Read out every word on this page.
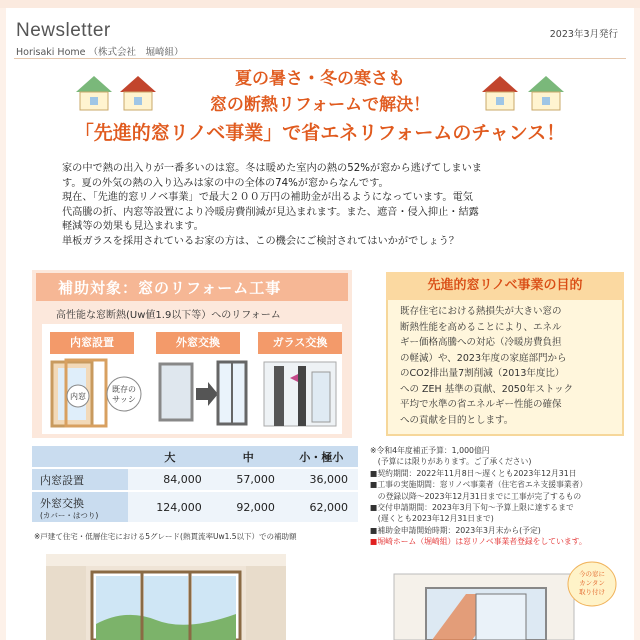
Newsletter
Horisaki Home （株式会社　堀崎組）
2023年3月発行
夏の暑さ・冬の寒さも
窓の断熱リフォームで解決！
「先進的窓リノベ事業」で省エネリフォームのチャンス！

家の中で熱の出入りが一番多いのは窓。冬は暖めた室内の熱の52%が窓から逃げてしまいま

す。夏の外気の熱の入り込みは家の中の全体の74%が窓からなんです。

現在、「先進的窓リノベ事業」で最大２００万円の補助金が出るようになっています。電気

代高騰の折、内窓等設置により冷暖房費削減が見込まれます。また、遮音・侵入抑止・結露

軽減等の効果も見込まれます。

単板ガラスを採用されているお家の方は、この機会にご検討されてはいかがでしょう？

補助対象：窓のリフォーム工事
高性能な窓断熱(Uw値1.9以下等）へのリフォーム
内窓設置	外窓交換	ガラス交換
内窓
既存の
サッシ
	大	中	小・極小
内窓設置	84,000	57,000	36,000
外窓交換
(カバー・はつり)	124,000	92,000	62,000
※戸建て住宅・低層住宅における5グレード(熱貫流率Uw1.5以下）での補助額
先進的窓リノベ事業の目的

既存住宅における熱損失が大きい窓の

断熱性能を高めることにより、エネル

ギー価格高騰への対応（冷暖房費負担

の軽減）や、2023年度の家庭部門から

のCO2排出量7割削減（2013年度比）

への ZEH 基準の貢献、2050年ストック

平均で水準の省エネルギー性能の確保

への貢献を目的とします。

※令和4年度補正予算：1,000億円

　(予算には限りがあります。ご了承ください)

■契約期間：2022年11月8日～遅くとも2023年12月31日

■工事の実施期間：窓リノベ事業者（住宅省エネ支援事業者）

　の登録以降～2023年12月31日までに工事が完了するもの

■交付申請期間：2023年3月下旬～予算上限に達するまで

　(遅くとも2023年12月31日まで)

■補助金申請開始時期：2023年3月末から(予定)

■堀崎ホーム（堀崎組）は窓リノベ事業者登録をしています。

今の窓に
カンタン
取り付け
